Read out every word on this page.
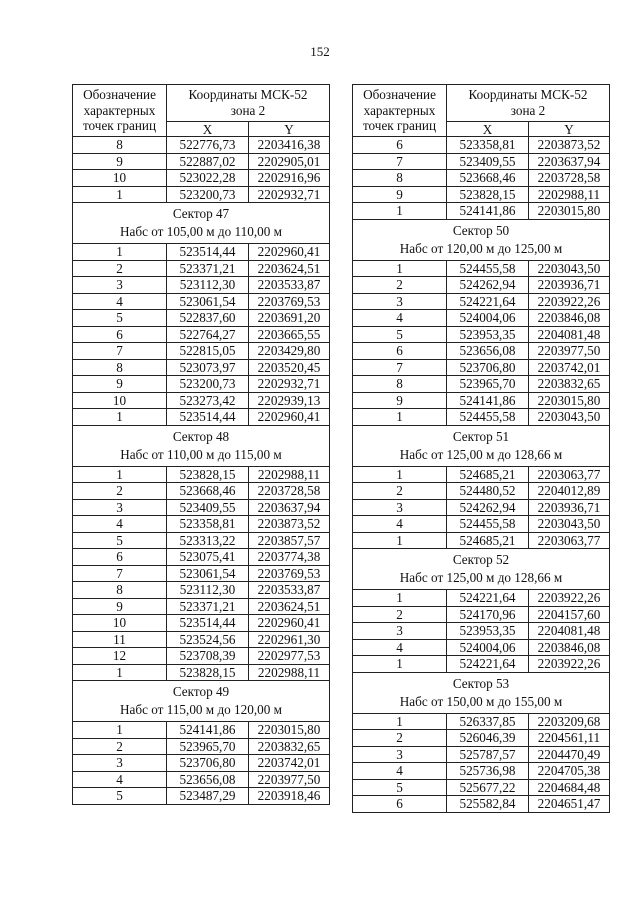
152
Обозначение
характерных
точек границ	Координаты МСК-52
зона 2	
	X	Y
8	522776,73	2203416,38
9	522887,02	2202905,01
10	523022,28	2202916,96
1	523200,73	2202932,71

Сектор 47
Набс от 105,00 м до 110,00 м		

1	523514,44	2202960,41
2	523371,21	2203624,51
3	523112,30	2203533,87
4	523061,54	2203769,53
5	522837,60	2203691,20
6	522764,27	2203665,55
7	522815,05	2203429,80
8	523073,97	2203520,45
9	523200,73	2202932,71
10	523273,42	2202939,13
1	523514,44	2202960,41

Сектор 48
Набс от 110,00 м до 115,00 м		

1	523828,15	2202988,11
2	523668,46	2203728,58
3	523409,55	2203637,94
4	523358,81	2203873,52
5	523313,22	2203857,57
6	523075,41	2203774,38
7	523061,54	2203769,53
8	523112,30	2203533,87
9	523371,21	2203624,51
10	523514,44	2202960,41
11	523524,56	2202961,30
12	523708,39	2202977,53
1	523828,15	2202988,11

Сектор 49
Набс от 115,00 м до 120,00 м		

1	524141,86	2203015,80
2	523965,70	2203832,65
3	523706,80	2203742,01
4	523656,08	2203977,50
5	523487,29	2203918,46
Обозначение
характерных
точек границ	Координаты МСК-52
зона 2	
	X	Y
6	523358,81	2203873,52
7	523409,55	2203637,94
8	523668,46	2203728,58
9	523828,15	2202988,11
1	524141,86	2203015,80

Сектор 50
Набс от 120,00 м до 125,00 м		

1	524455,58	2203043,50
2	524262,94	2203936,71
3	524221,64	2203922,26
4	524004,06	2203846,08
5	523953,35	2204081,48
6	523656,08	2203977,50
7	523706,80	2203742,01
8	523965,70	2203832,65
9	524141,86	2203015,80
1	524455,58	2203043,50

Сектор 51
Набс от 125,00 м до 128,66 м		

1	524685,21	2203063,77
2	524480,52	2204012,89
3	524262,94	2203936,71
4	524455,58	2203043,50
1	524685,21	2203063,77

Сектор 52
Набс от 125,00 м до 128,66 м		

1	524221,64	2203922,26
2	524170,96	2204157,60
3	523953,35	2204081,48
4	524004,06	2203846,08
1	524221,64	2203922,26

Сектор 53
Набс от 150,00 м до 155,00 м		

1	526337,85	2203209,68
2	526046,39	2204561,11
3	525787,57	2204470,49
4	525736,98	2204705,38
5	525677,22	2204684,48
6	525582,84	2204651,47
